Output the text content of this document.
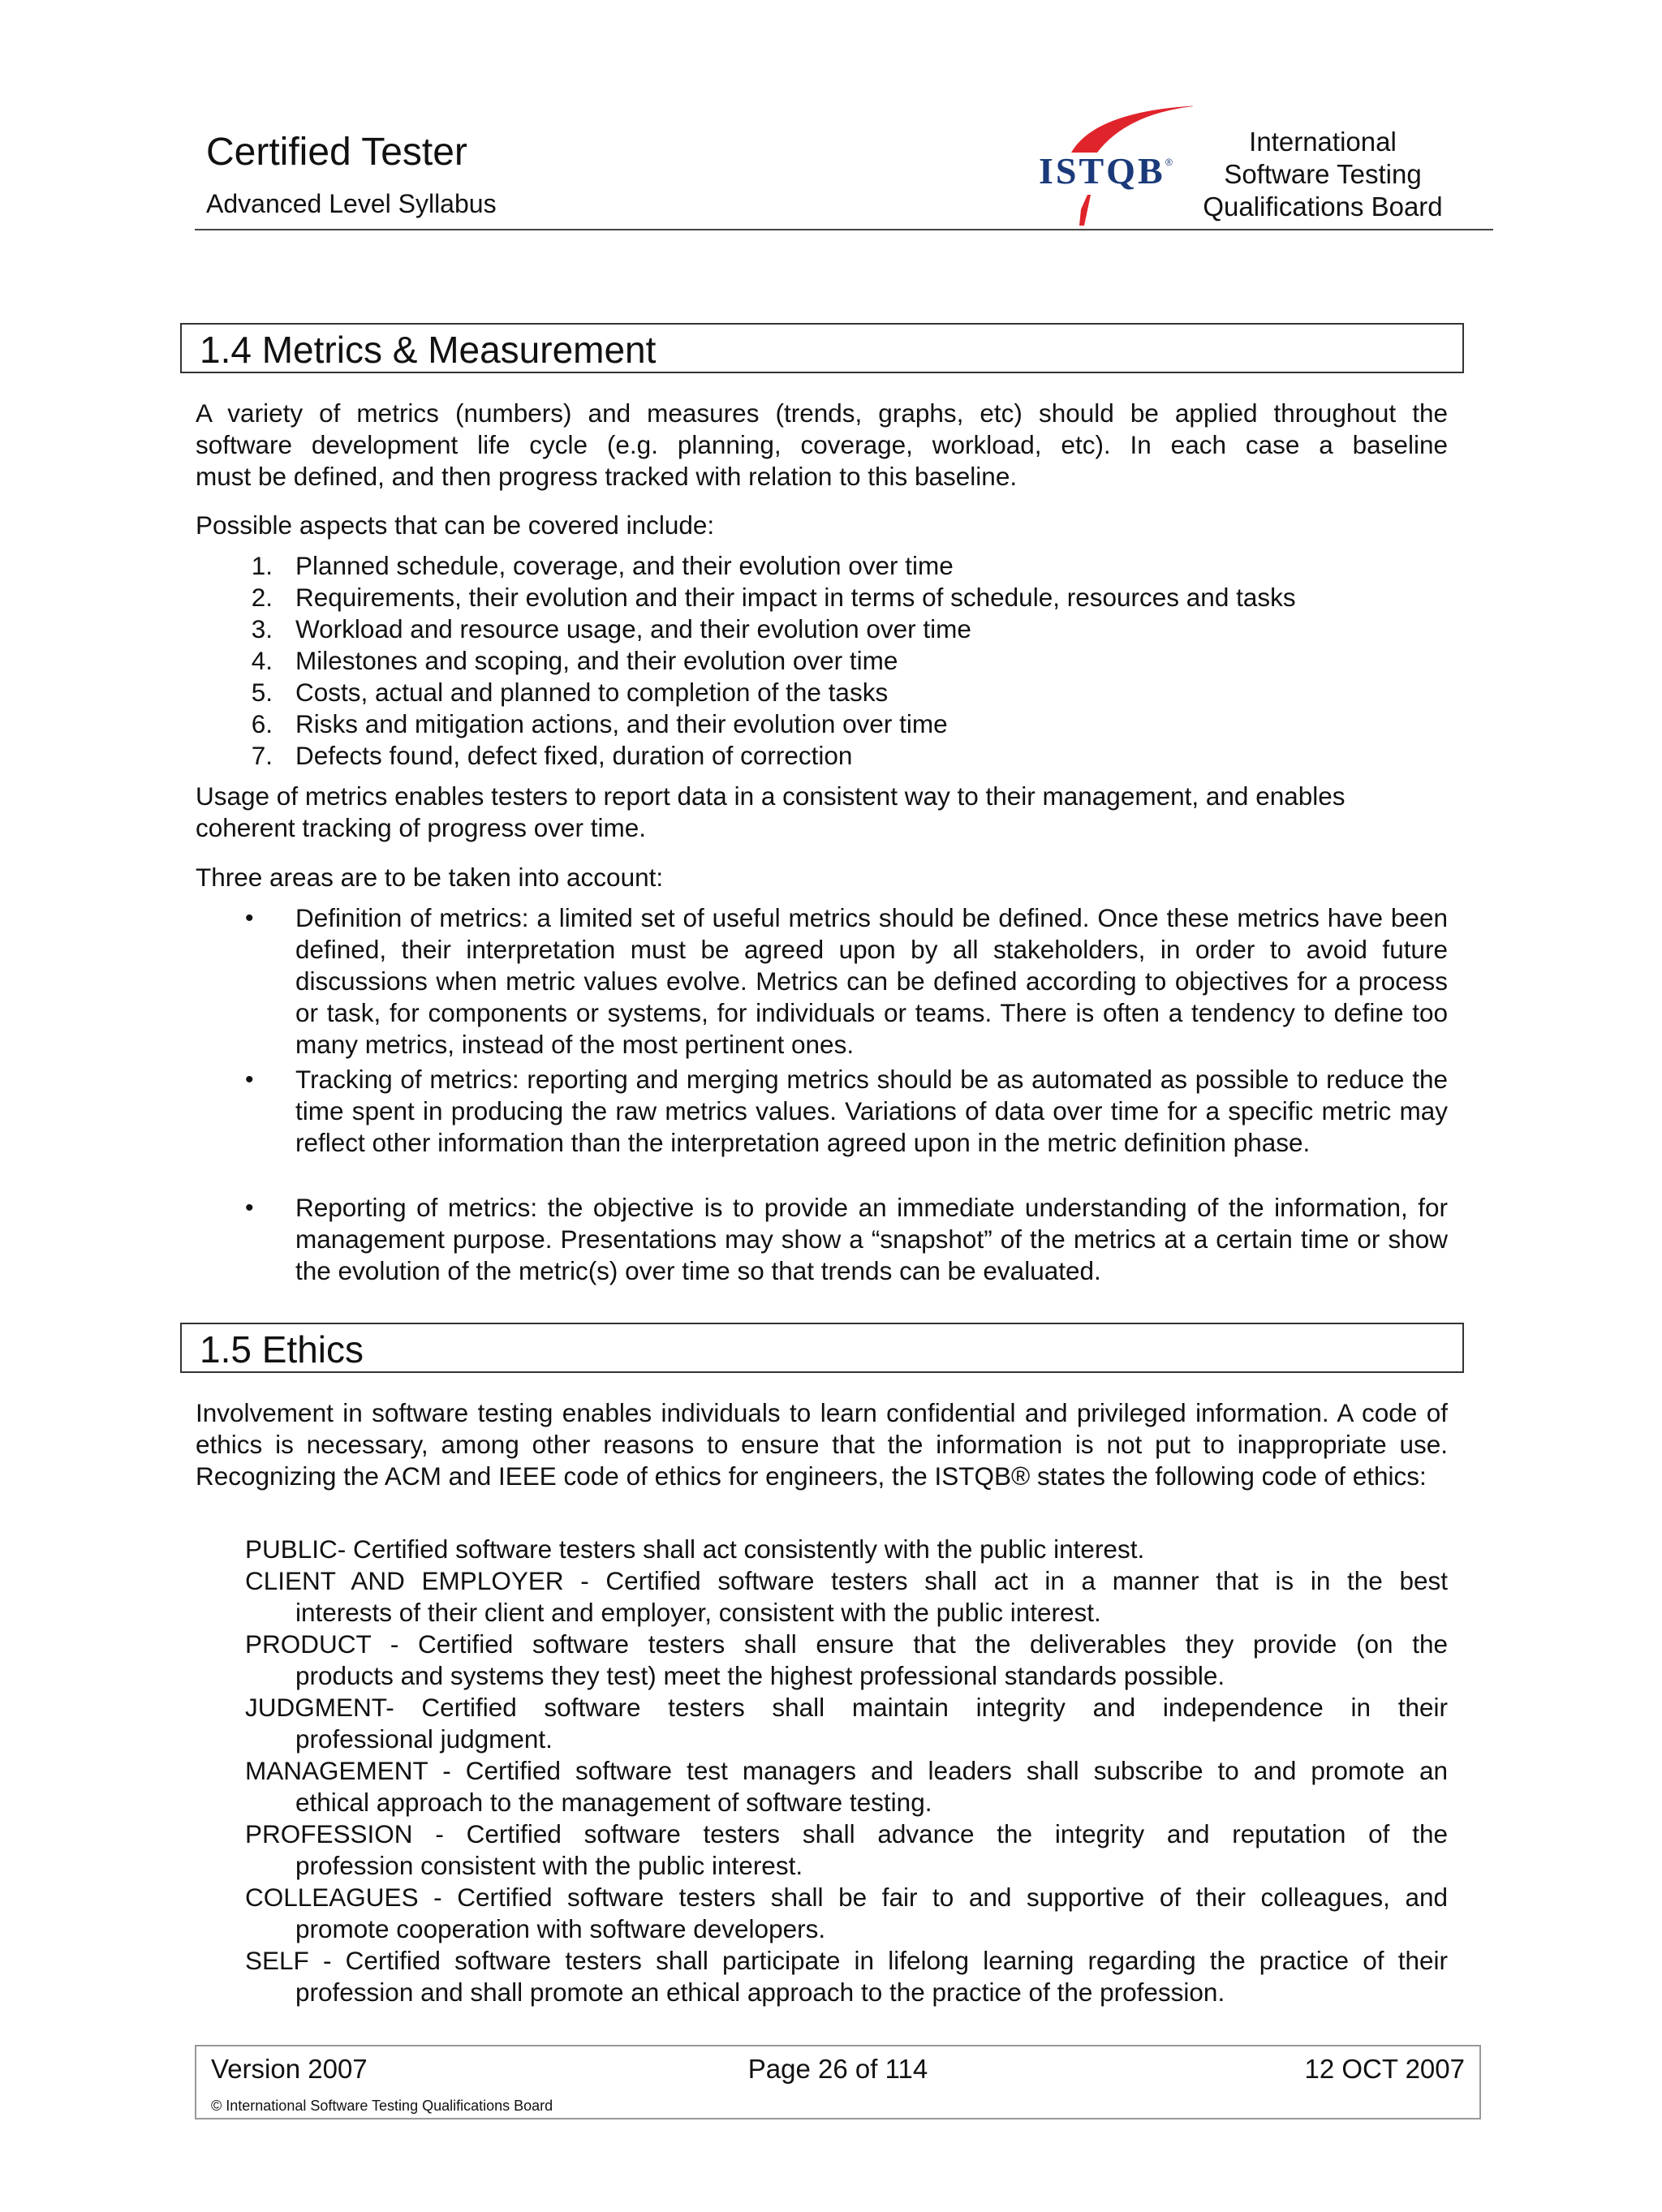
Certified Tester
Advanced Level Syllabus
ISTQB ®
International
Software Testing
Qualifications Board
1.4 Metrics & Measurement
A variety of metrics (numbers) and measures (trends, graphs, etc) should be applied throughout the
software development life cycle (e.g. planning, coverage, workload, etc). In each case a baseline
must be defined, and then progress tracked with relation to this baseline.
Possible aspects that can be covered include:
1. Planned schedule, coverage, and their evolution over time
2. Requirements, their evolution and their impact in terms of schedule, resources and tasks
3. Workload and resource usage, and their evolution over time
4. Milestones and scoping, and their evolution over time
5. Costs, actual and planned to completion of the tasks
6. Risks and mitigation actions, and their evolution over time
7. Defects found, defect fixed, duration of correction
Usage of metrics enables testers to report data in a consistent way to their management, and enables coherent tracking of progress over time.
Three areas are to be taken into account:
• Definition of metrics: a limited set of useful metrics should be defined. Once these metrics have been defined, their interpretation must be agreed upon by all stakeholders, in order to avoid future discussions when metric values evolve. Metrics can be defined according to objectives for a process or task, for components or systems, for individuals or teams. There is often a tendency to define too many metrics, instead of the most pertinent ones.
• Tracking of metrics: reporting and merging metrics should be as automated as possible to reduce the time spent in producing the raw metrics values. Variations of data over time for a specific metric may reflect other information than the interpretation agreed upon in the metric definition phase.
• Reporting of metrics: the objective is to provide an immediate understanding of the information, for management purpose. Presentations may show a “snapshot” of the metrics at a certain time or show the evolution of the metric(s) over time so that trends can be evaluated.
1.5 Ethics
Involvement in software testing enables individuals to learn confidential and privileged information. A code of ethics is necessary, among other reasons to ensure that the information is not put to inappropriate use. Recognizing the ACM and IEEE code of ethics for engineers, the ISTQB® states the following code of ethics:
PUBLIC- Certified software testers shall act consistently with the public interest.
CLIENT AND EMPLOYER - Certified software testers shall act in a manner that is in the best
interests of their client and employer, consistent with the public interest.
PRODUCT - Certified software testers shall ensure that the deliverables they provide (on the
products and systems they test) meet the highest professional standards possible.
JUDGMENT- Certified software testers shall maintain integrity and independence in their
professional judgment.
MANAGEMENT - Certified software test managers and leaders shall subscribe to and promote an
ethical approach to the management of software testing.
PROFESSION - Certified software testers shall advance the integrity and reputation of the
profession consistent with the public interest.
COLLEAGUES - Certified software testers shall be fair to and supportive of their colleagues, and
promote cooperation with software developers.
SELF - Certified software testers shall participate in lifelong learning regarding the practice of their
profession and shall promote an ethical approach to the practice of the profession.
Version 2007	Page 26 of 114	12 OCT 2007
© International Software Testing Qualifications Board
